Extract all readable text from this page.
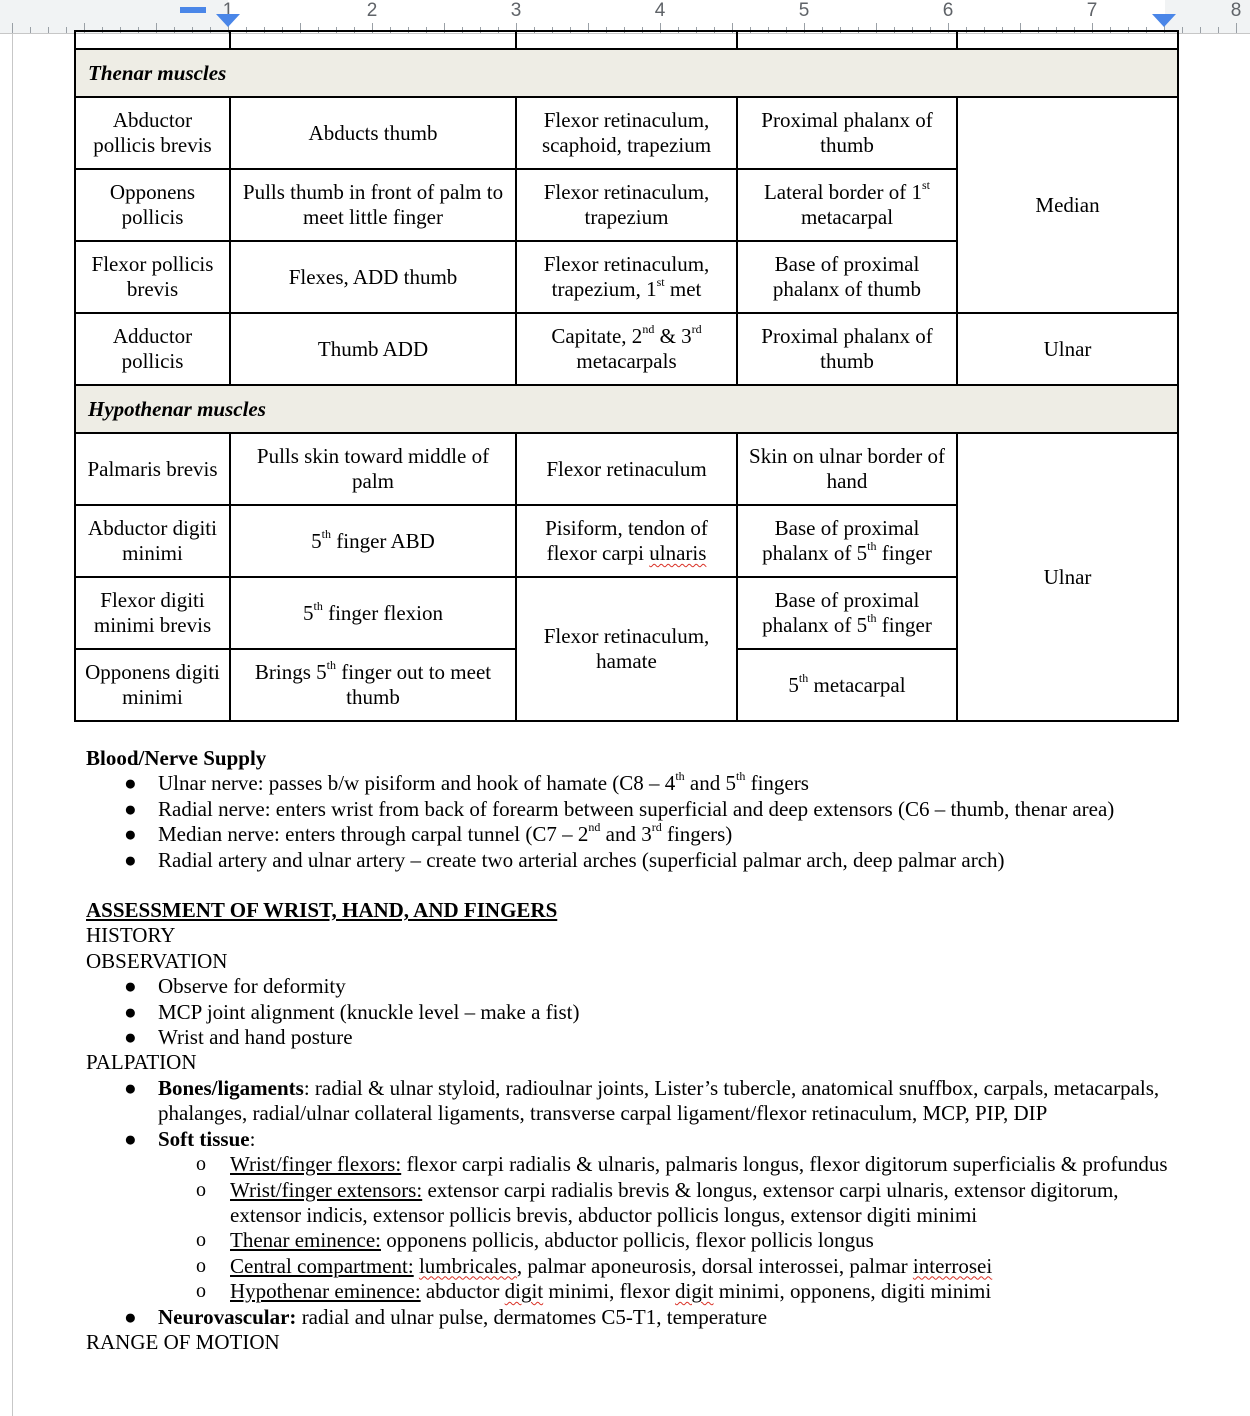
1	2	3	4	5	6	7	8

Thenar muscles				
Abductor pollicis brevis	Abducts thumb	Flexor retinaculum, scaphoid, trapezium	Proximal phalanx of thumb	Median
Opponens pollicis	Pulls thumb in front of palm to meet little finger	Flexor retinaculum, trapezium	Lateral border of 1st metacarpal	
Flexor pollicis brevis	Flexes, ADD thumb	Flexor retinaculum, trapezium, 1st met	Base of proximal phalanx of thumb	
Adductor pollicis	Thumb ADD	Capitate, 2nd & 3rd metacarpals	Proximal phalanx of thumb	Ulnar
Hypothenar muscles				
Palmaris brevis	Pulls skin toward middle of palm	Flexor retinaculum	Skin on ulnar border of hand	Ulnar
Abductor digiti minimi	5th finger ABD	Pisiform, tendon of flexor carpi ulnaris	Base of proximal phalanx of 5th finger	
Flexor digiti minimi brevis	5th finger flexion	Flexor retinaculum, hamate	Base of proximal phalanx of 5th finger	
Opponens digiti minimi	Brings 5th finger out to meet thumb		5th metacarpal	

Blood/Nerve Supply

● Ulnar nerve: passes b/w pisiform and hook of hamate (C8 – 4th and 5th fingers
● Radial nerve: enters wrist from back of forearm between superficial and deep extensors (C6 – thumb, thenar area)
● Median nerve: enters through carpal tunnel (C7 – 2nd and 3rd fingers)
● Radial artery and ulnar artery – create two arterial arches (superficial palmar arch, deep palmar arch)

ASSESSMENT OF WRIST, HAND, AND FINGERS

HISTORY

OBSERVATION

● Observe for deformity
● MCP joint alignment (knuckle level – make a fist)
● Wrist and hand posture

PALPATION

● Bones/ligaments: radial & ulnar styloid, radioulnar joints, Lister’s tubercle, anatomical snuffbox, carpals, metacarpals, phalanges, radial/ulnar collateral ligaments, transverse carpal ligament/flexor retinaculum, MCP, PIP, DIP
● Soft tissue:
o Wrist/finger flexors: flexor carpi radialis & ulnaris, palmaris longus, flexor digitorum superficialis & profundus
o Wrist/finger extensors: extensor carpi radialis brevis & longus, extensor carpi ulnaris, extensor digitorum, extensor indicis, extensor pollicis brevis, abductor pollicis longus, extensor digiti minimi
o Thenar eminence: opponens pollicis, abductor pollicis, flexor pollicis longus
o Central compartment: lumbricales, palmar aponeurosis, dorsal interossei, palmar interrosei
o Hypothenar eminence: abductor digit minimi, flexor digit minimi, opponens, digiti minimi
● Neurovascular: radial and ulnar pulse, dermatomes C5-T1, temperature

RANGE OF MOTION
